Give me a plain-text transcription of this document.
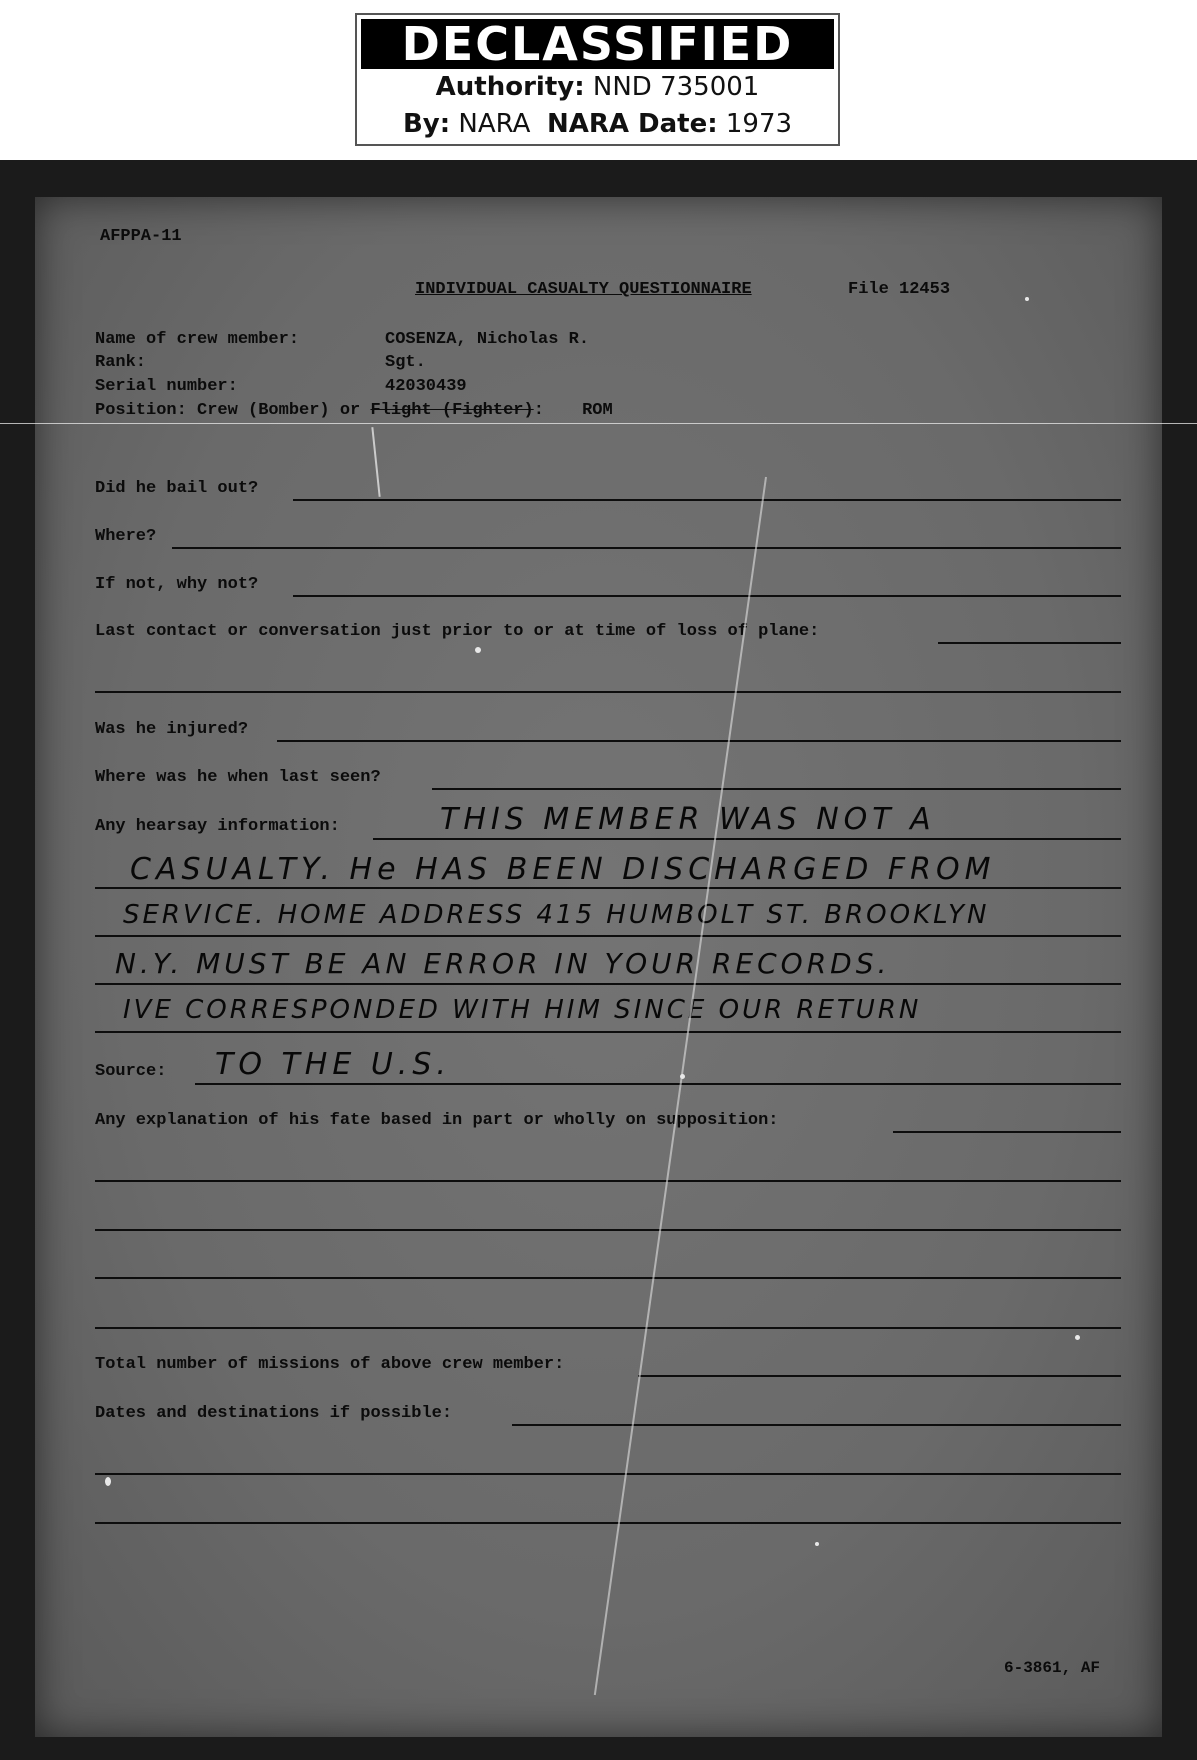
DECLASSIFIED
Authority: NND 735001
By: NARA NARA Date: 1973
AFPPA-11
INDIVIDUAL CASUALTY QUESTIONNAIRE	File 12453
Name of crew member:	COSENZA, Nicholas R.
Rank:	Sgt.
Serial number:	42030439
Position: Crew (Bomber) or Flight (Fighter): ROM
Did he bail out?
Where?
If not, why not?
Last contact or conversation just prior to or at time of loss of plane:
Was he injured?
Where was he when last seen?
Any hearsay information:	THIS MEMBER WAS NOT A
CASUALTY. He HAS BEEN DISCHARGED FROM
SERVICE. HOME ADDRESS 415 HUMBOLT ST. BROOKLYN
N.Y. MUST BE AN ERROR IN YOUR RECORDS.
IVE CORRESPONDED WITH HIM SINCE OUR RETURN
Source: TO THE U.S.
Any explanation of his fate based in part or wholly on supposition:
Total number of missions of above crew member:
Dates and destinations if possible:
6-3861, AF
